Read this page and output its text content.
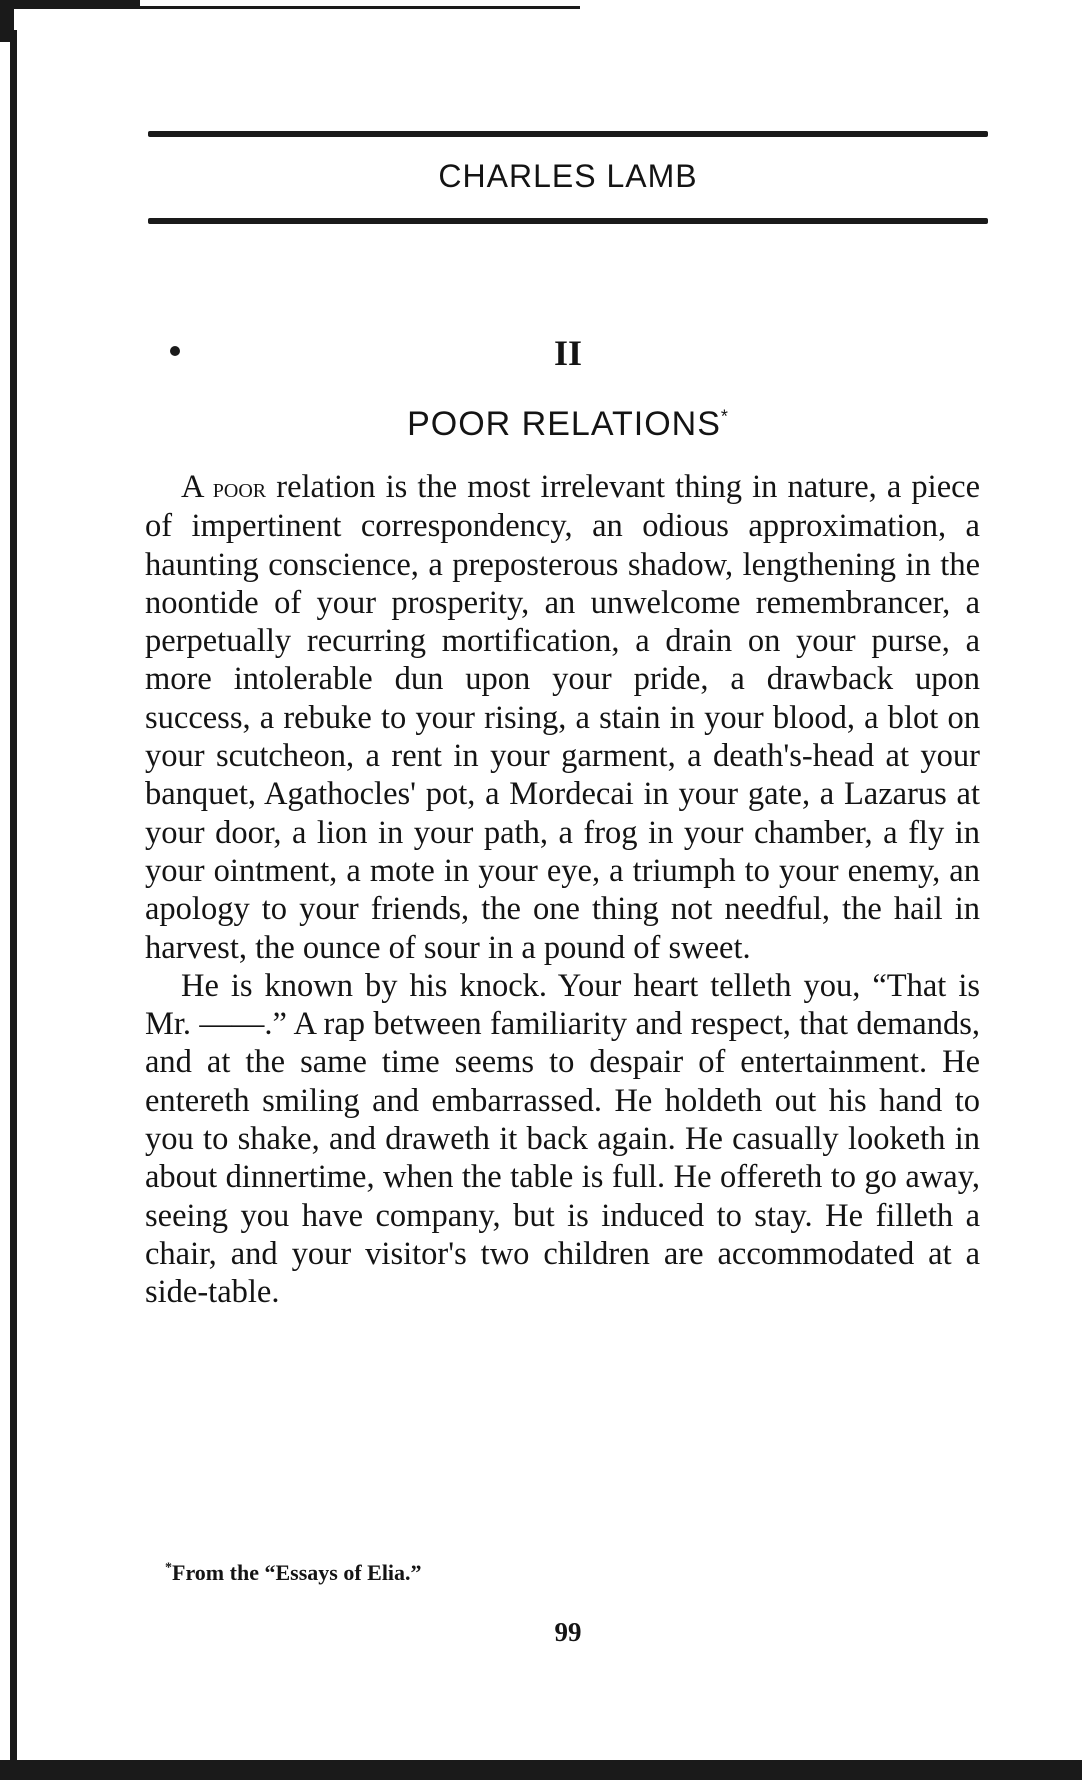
CHARLES LAMB
II
POOR RELATIONS*

A poor relation is the most irrelevant thing in nature, a piece of impertinent correspondency, an odious approximation, a haunting conscience, a preposterous shadow, lengthening in the noontide of your prosperity, an unwelcome remembrancer, a perpetually recurring mortification, a drain on your purse, a more intolerable dun upon your pride, a drawback upon success, a rebuke to your rising, a stain in your blood, a blot on your scutcheon, a rent in your garment, a death's-head at your banquet, Agathocles' pot, a Mordecai in your gate, a Lazarus at your door, a lion in your path, a frog in your chamber, a fly in your ointment, a mote in your eye, a triumph to your enemy, an apology to your friends, the one thing not needful, the hail in harvest, the ounce of sour in a pound of sweet.

He is known by his knock. Your heart telleth you, “That is Mr. ——.” A rap between familiarity and respect, that demands, and at the same time seems to despair of entertainment. He entereth smiling and embarrassed. He holdeth out his hand to you to shake, and draweth it back again. He casually looketh in about dinnertime, when the table is full. He offereth to go away, seeing you have company, but is induced to stay. He filleth a chair, and your visitor's two children are accommodated at a side-table.

*From the “Essays of Elia.”
99
